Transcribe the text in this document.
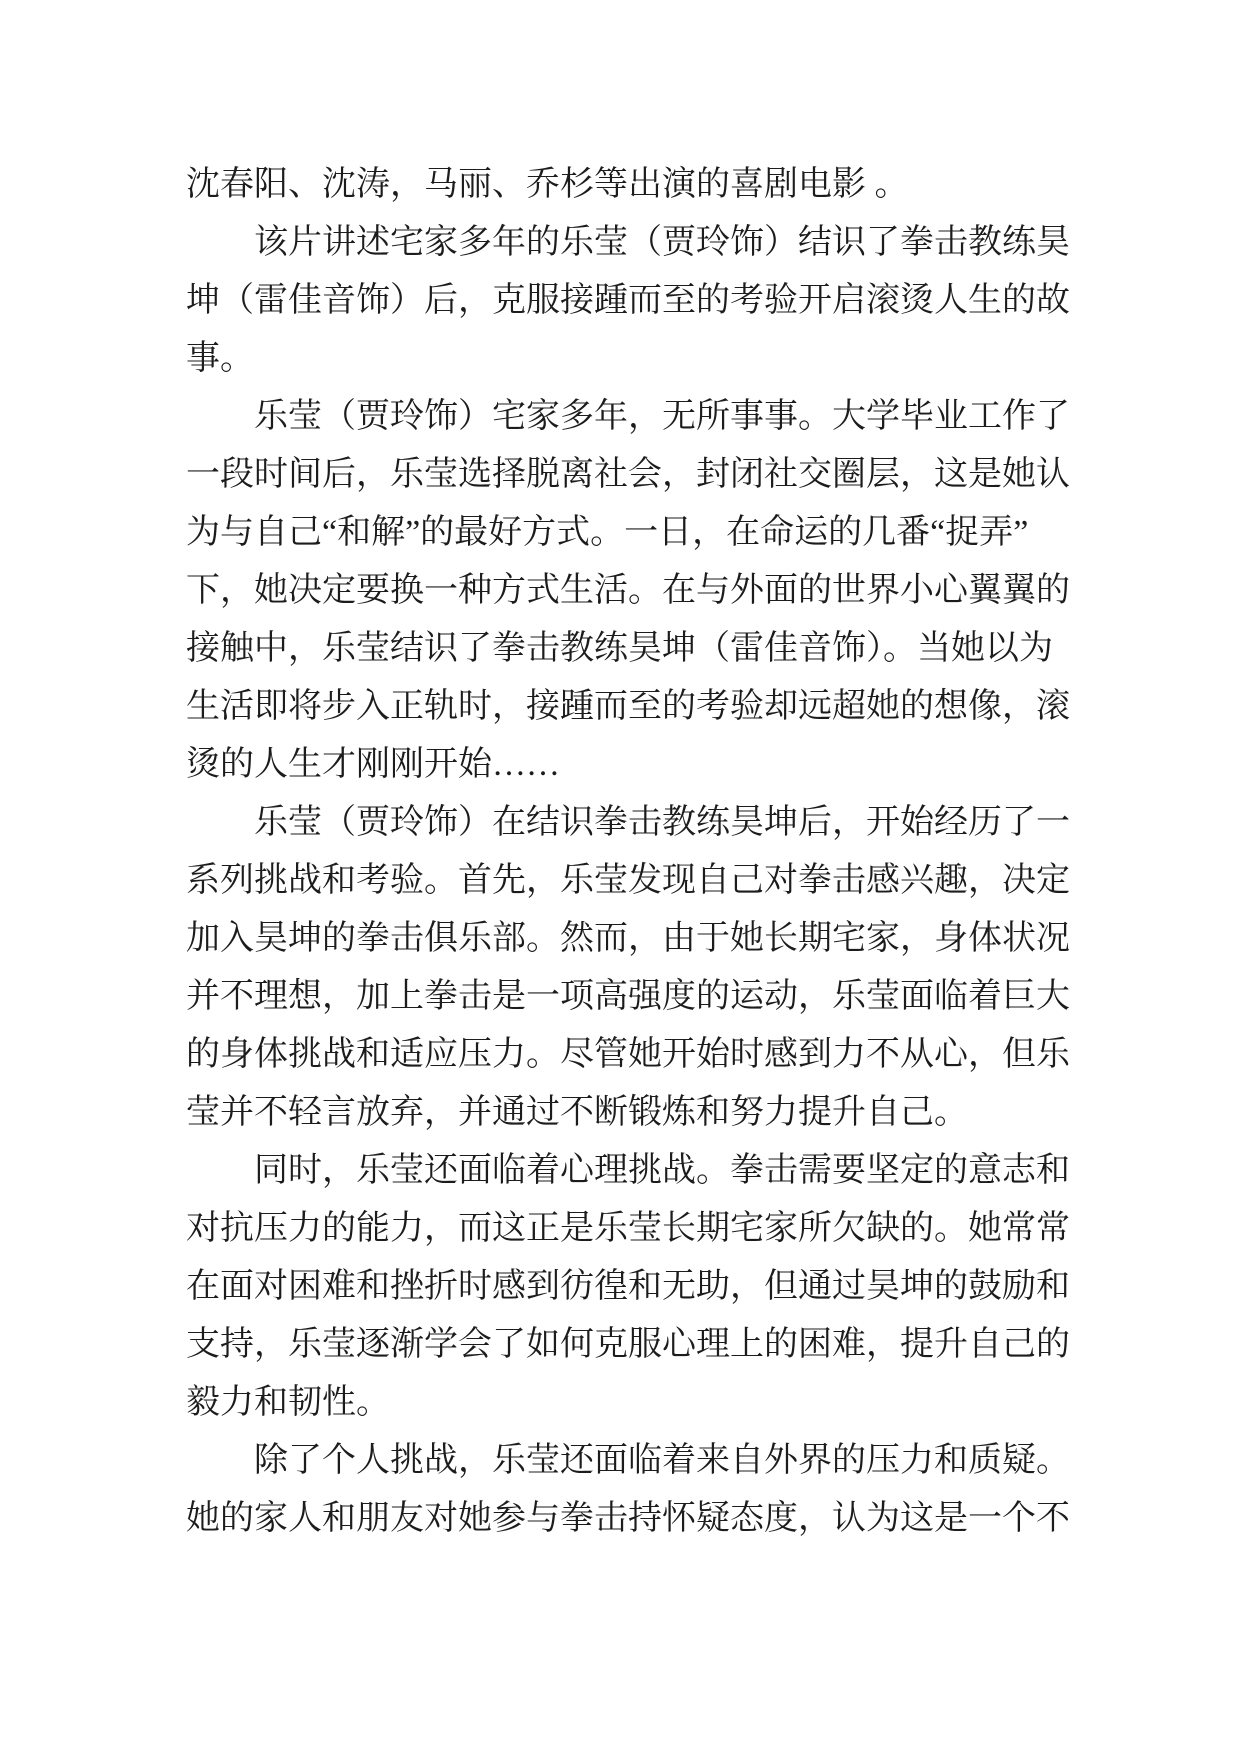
沈春阳、沈涛，马丽、乔杉等出演的喜剧电影 。
该片讲述宅家多年的乐莹（贾玲饰）结识了拳击教练昊
坤（雷佳音饰）后，克服接踵而至的考验开启滚烫人生的故
事。
乐莹（贾玲饰）宅家多年，无所事事。大学毕业工作了
一段时间后，乐莹选择脱离社会，封闭社交圈层，这是她认
为与自己“和解”的最好方式。一日，在命运的几番“捉弄”
下，她决定要换一种方式生活。在与外面的世界小心翼翼的
接触中，乐莹结识了拳击教练昊坤（雷佳音饰）。当她以为
生活即将步入正轨时，接踵而至的考验却远超她的想像，滚
烫的人生才刚刚开始……
乐莹（贾玲饰）在结识拳击教练昊坤后，开始经历了一
系列挑战和考验。首先，乐莹发现自己对拳击感兴趣，决定
加入昊坤的拳击俱乐部。然而，由于她长期宅家，身体状况
并不理想，加上拳击是一项高强度的运动，乐莹面临着巨大
的身体挑战和适应压力。尽管她开始时感到力不从心，但乐
莹并不轻言放弃，并通过不断锻炼和努力提升自己。
同时，乐莹还面临着心理挑战。拳击需要坚定的意志和
对抗压力的能力，而这正是乐莹长期宅家所欠缺的。她常常
在面对困难和挫折时感到彷徨和无助，但通过昊坤的鼓励和
支持，乐莹逐渐学会了如何克服心理上的困难，提升自己的
毅力和韧性。
除了个人挑战，乐莹还面临着来自外界的压力和质疑。
她的家人和朋友对她参与拳击持怀疑态度，认为这是一个不
